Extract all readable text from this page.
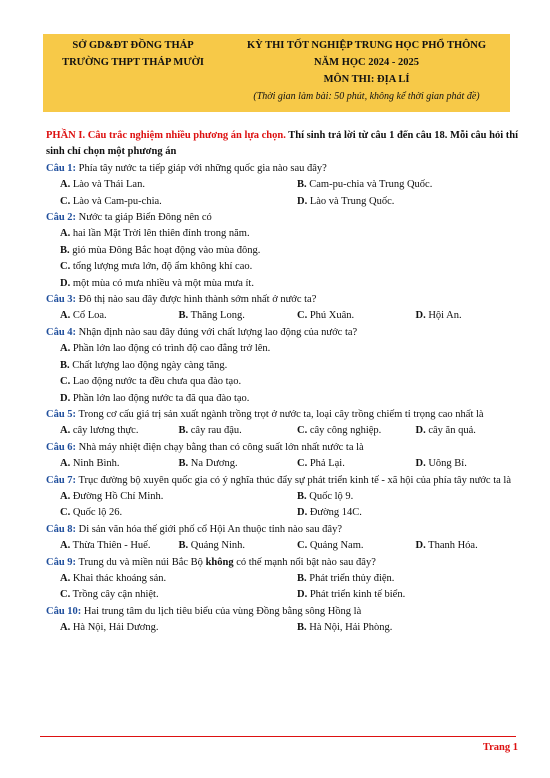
SỞ GD&ĐT ĐỒNG THÁP
TRƯỜNG THPT THÁP MƯỜI
KỲ THI TỐT NGHIỆP TRUNG HỌC PHỔ THÔNG
NĂM HỌC 2024 - 2025
MÔN THI: ĐỊA LÍ
(Thời gian làm bài: 50 phút, không kể thời gian phát đề)

PHẦN I. Câu trắc nghiệm nhiều phương án lựa chọn. Thí sinh trả lời từ câu 1 đến câu 18. Mỗi câu hỏi thí sinh chỉ chọn một phương án

Câu 1: Phía tây nước ta tiếp giáp với những quốc gia nào sau đây?

A. Lào và Thái Lan.	B. Cam-pu-chia và Trung Quốc.
C. Lào và Cam-pu-chia.	D. Lào và Trung Quốc.

Câu 2: Nước ta giáp Biển Đông nên có

A. hai lần Mặt Trời lên thiên đỉnh trong năm.
B. gió mùa Đông Bắc hoạt động vào mùa đông.
C. tổng lượng mưa lớn, độ ẩm không khí cao.
D. một mùa có mưa nhiều và một mùa mưa ít.

Câu 3: Đô thị nào sau đây được hình thành sớm nhất ở nước ta?

A. Cổ Loa.	B. Thăng Long.	C. Phú Xuân.	D. Hội An.

Câu 4: Nhận định nào sau đây đúng với chất lượng lao động của nước ta?

A. Phần lớn lao động có trình độ cao đẳng trở lên.
B. Chất lượng lao động ngày càng tăng.
C. Lao động nước ta đều chưa qua đào tạo.
D. Phần lớn lao động nước ta đã qua đào tạo.

Câu 5: Trong cơ cấu giá trị sản xuất ngành trồng trọt ở nước ta, loại cây trồng chiếm tỉ trọng cao nhất là

A. cây lương thực.	B. cây rau đậu.	C. cây công nghiệp.	D. cây ăn quả.

Câu 6: Nhà máy nhiệt điện chạy bằng than có công suất lớn nhất nước ta là

A. Ninh Bình.	B. Na Dương.	C. Phả Lại.	D. Uông Bí.

Câu 7: Trục đường bộ xuyên quốc gia có ý nghĩa thúc đẩy sự phát triển kinh tế - xã hội của phía tây nước ta là

A. Đường Hồ Chí Minh.	B. Quốc lộ 9.
C. Quốc lộ 26.	D. Đường 14C.

Câu 8: Di sản văn hóa thế giới phố cổ Hội An thuộc tỉnh nào sau đây?

A. Thừa Thiên - Huế.	B. Quảng Ninh.	C. Quảng Nam.	D. Thanh Hóa.

Câu 9: Trung du và miền núi Bắc Bộ không có thế mạnh nổi bật nào sau đây?

A. Khai thác khoáng sản.	B. Phát triển thủy điện.
C. Trồng cây cận nhiệt.	D. Phát triển kinh tế biển.

Câu 10: Hai trung tâm du lịch tiêu biểu của vùng Đồng bằng sông Hồng là

A. Hà Nội, Hải Dương.	B. Hà Nội, Hải Phòng.
Trang 1
